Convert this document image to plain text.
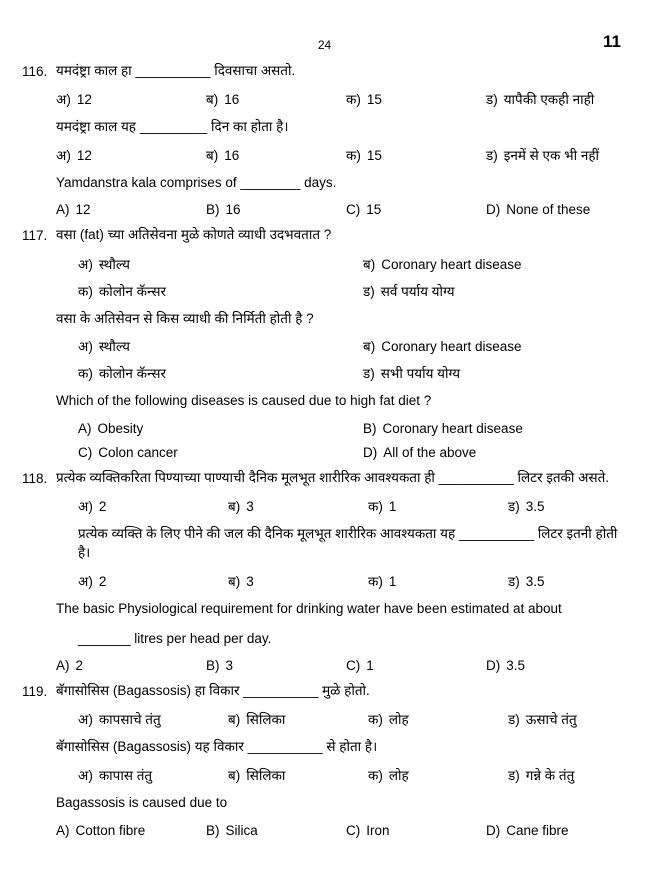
24	11
116. यमदंष्ट्रा काल हा __________ दिवसाचा असतो.
अ) 12	ब) 16	क) 15	ड) यापैकी एकही नाही
यमदंष्ट्रा काल यह _________ दिन का होता है।
अ) 12	ब) 16	क) 15	ड) इनमें से एक भी नहीं
Yamdanstra kala comprises of ________ days.
A) 12	B) 16	C) 15	D) None of these
117. वसा (fat) च्या अतिसेवना मुळे कोणते व्याधी उदभवतात ?
अ) स्थौल्य	ब) Coronary heart disease
क) कोलोन कॅन्सर	ड) सर्व पर्याय योग्य
वसा के अतिसेवन से किस व्याधी की निर्मिती होती है ?
अ) स्थौल्य	ब) Coronary heart disease
क) कोलोन कॅन्सर	ड) सभी पर्याय योग्य
Which of the following diseases is caused due to high fat diet ?
A) Obesity	B) Coronary heart disease
C) Colon cancer	D) All of the above
118. प्रत्येक व्यक्तिकरिता पिण्याच्या पाण्याची दैनिक मूलभूत शारीरिक आवश्यकता ही __________ लिटर इतकी असते.
अ) 2	ब) 3	क) 1	ड) 3.5
प्रत्येक व्यक्ति के लिए पीने की जल की दैनिक मूलभूत शारीरिक आवश्यकता यह __________ लिटर इतनी होती है।
अ) 2	ब) 3	क) 1	ड) 3.5
The basic Physiological requirement for drinking water have been estimated at about
_______ litres per head per day.
A) 2	B) 3	C) 1	D) 3.5
119. बॅगासोसिस (Bagassosis) हा विकार __________ मुळे होतो.
अ) कापसाचे तंतु	ब) सिलिका	क) लोह	ड) ऊसाचे तंतु
बॅगासोसिस (Bagassosis) यह विकार __________ से होता है।
अ) कापास तंतु	ब) सिलिका	क) लोह	ड) गन्ने के तंतु
Bagassosis is caused due to
A) Cotton fibre	B) Silica	C) Iron	D) Cane fibre
